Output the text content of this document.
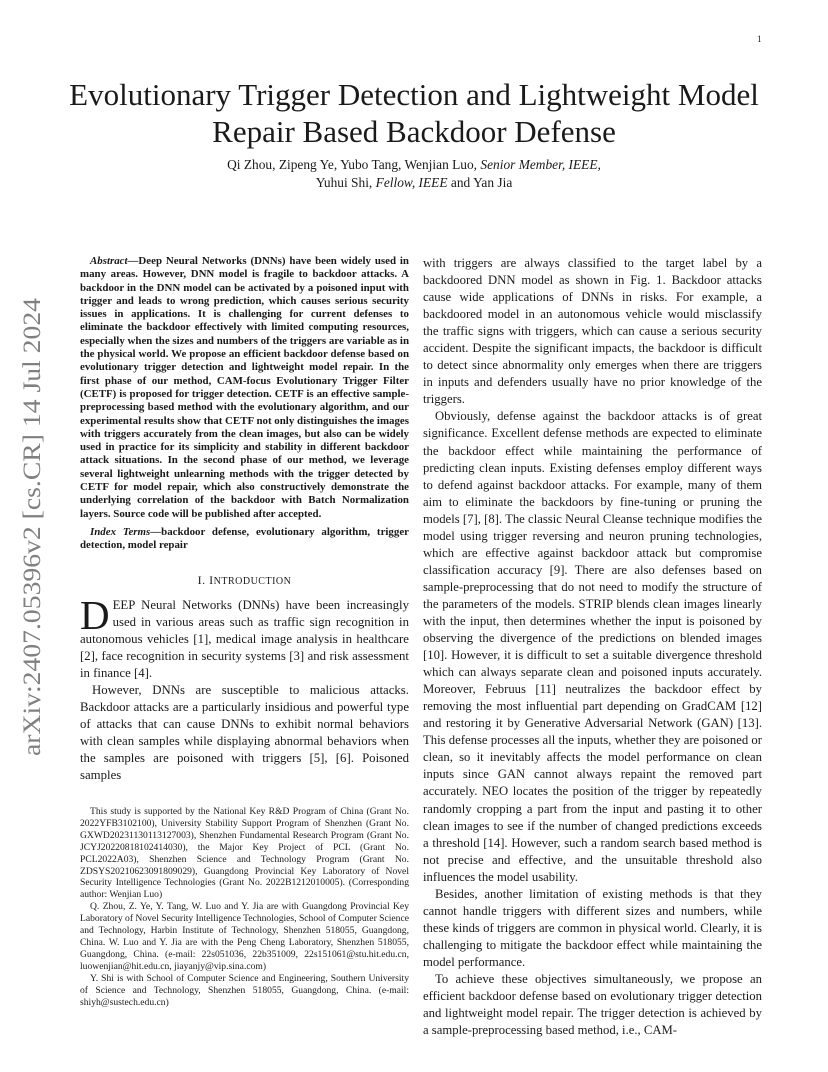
1
arXiv:2407.05396v2 [cs.CR] 14 Jul 2024
Evolutionary Trigger Detection and Lightweight Model Repair Based Backdoor Defense
Qi Zhou, Zipeng Ye, Yubo Tang, Wenjian Luo, Senior Member, IEEE,
Yuhui Shi, Fellow, IEEE and Yan Jia

Abstract—Deep Neural Networks (DNNs) have been widely used in many areas. However, DNN model is fragile to backdoor attacks. A backdoor in the DNN model can be activated by a poisoned input with trigger and leads to wrong prediction, which causes serious security issues in applications. It is challenging for current defenses to eliminate the backdoor effectively with limited computing resources, especially when the sizes and numbers of the triggers are variable as in the physical world. We propose an efficient backdoor defense based on evolutionary trigger detection and lightweight model repair. In the first phase of our method, CAM-focus Evolutionary Trigger Filter (CETF) is proposed for trigger detection. CETF is an effective sample-preprocessing based method with the evolutionary algorithm, and our experimental results show that CETF not only distinguishes the images with triggers accurately from the clean images, but also can be widely used in practice for its simplicity and stability in different backdoor attack situations. In the second phase of our method, we leverage several lightweight unlearning methods with the trigger detected by CETF for model repair, which also constructively demonstrate the underlying correlation of the backdoor with Batch Normalization layers. Source code will be published after accepted.

Index Terms—backdoor defense, evolutionary algorithm, trigger detection, model repair

I. INTRODUCTION

DEEP Neural Networks (DNNs) have been increasingly used in various areas such as traffic sign recognition in autonomous vehicles [1], medical image analysis in healthcare [2], face recognition in security systems [3] and risk assessment in finance [4].

However, DNNs are susceptible to malicious attacks. Backdoor attacks are a particularly insidious and powerful type of attacks that can cause DNNs to exhibit normal behaviors with clean samples while displaying abnormal behaviors when the samples are poisoned with triggers [5], [6]. Poisoned samples

This study is supported by the National Key R&D Program of China (Grant No. 2022YFB3102100), University Stability Support Program of Shenzhen (Grant No. GXWD20231130113127003), Shenzhen Fundamental Research Program (Grant No. JCYJ20220818102414030), the Major Key Project of PCL (Grant No. PCL2022A03), Shenzhen Science and Technology Program (Grant No. ZDSYS20210623091809029), Guangdong Provincial Key Laboratory of Novel Security Intelligence Technologies (Grant No. 2022B1212010005). (Corresponding author: Wenjian Luo)

Q. Zhou, Z. Ye, Y. Tang, W. Luo and Y. Jia are with Guangdong Provincial Key Laboratory of Novel Security Intelligence Technologies, School of Computer Science and Technology, Harbin Institute of Technology, Shenzhen 518055, Guangdong, China. W. Luo and Y. Jia are with the Peng Cheng Laboratory, Shenzhen 518055, Guangdong, China. (e-mail: 22s051036, 22b351009, 22s151061@stu.hit.edu.cn, luowenjian@hit.edu.cn, jiayanjy@vip.sina.com)

Y. Shi is with School of Computer Science and Engineering, Southern University of Science and Technology, Shenzhen 518055, Guangdong, China. (e-mail: shiyh@sustech.edu.cn)

with triggers are always classified to the target label by a backdoored DNN model as shown in Fig. 1. Backdoor attacks cause wide applications of DNNs in risks. For example, a backdoored model in an autonomous vehicle would misclassify the traffic signs with triggers, which can cause a serious security accident. Despite the significant impacts, the backdoor is difficult to detect since abnormality only emerges when there are triggers in inputs and defenders usually have no prior knowledge of the triggers.

Obviously, defense against the backdoor attacks is of great significance. Excellent defense methods are expected to eliminate the backdoor effect while maintaining the performance of predicting clean inputs. Existing defenses employ different ways to defend against backdoor attacks. For example, many of them aim to eliminate the backdoors by fine-tuning or pruning the models [7], [8]. The classic Neural Cleanse technique modifies the model using trigger reversing and neuron pruning technologies, which are effective against backdoor attack but compromise classification accuracy [9]. There are also defenses based on sample-preprocessing that do not need to modify the structure of the parameters of the models. STRIP blends clean images linearly with the input, then determines whether the input is poisoned by observing the divergence of the predictions on blended images [10]. However, it is difficult to set a suitable divergence threshold which can always separate clean and poisoned inputs accurately. Moreover, Februus [11] neutralizes the backdoor effect by removing the most influential part depending on GradCAM [12] and restoring it by Generative Adversarial Network (GAN) [13]. This defense processes all the inputs, whether they are poisoned or clean, so it inevitably affects the model performance on clean inputs since GAN cannot always repaint the removed part accurately. NEO locates the position of the trigger by repeatedly randomly cropping a part from the input and pasting it to other clean images to see if the number of changed predictions exceeds a threshold [14]. However, such a random search based method is not precise and effective, and the unsuitable threshold also influences the model usability.

Besides, another limitation of existing methods is that they cannot handle triggers with different sizes and numbers, while these kinds of triggers are common in physical world. Clearly, it is challenging to mitigate the backdoor effect while maintaining the model performance.

To achieve these objectives simultaneously, we propose an efficient backdoor defense based on evolutionary trigger detection and lightweight model repair. The trigger detection is achieved by a sample-preprocessing based method, i.e., CAM-
